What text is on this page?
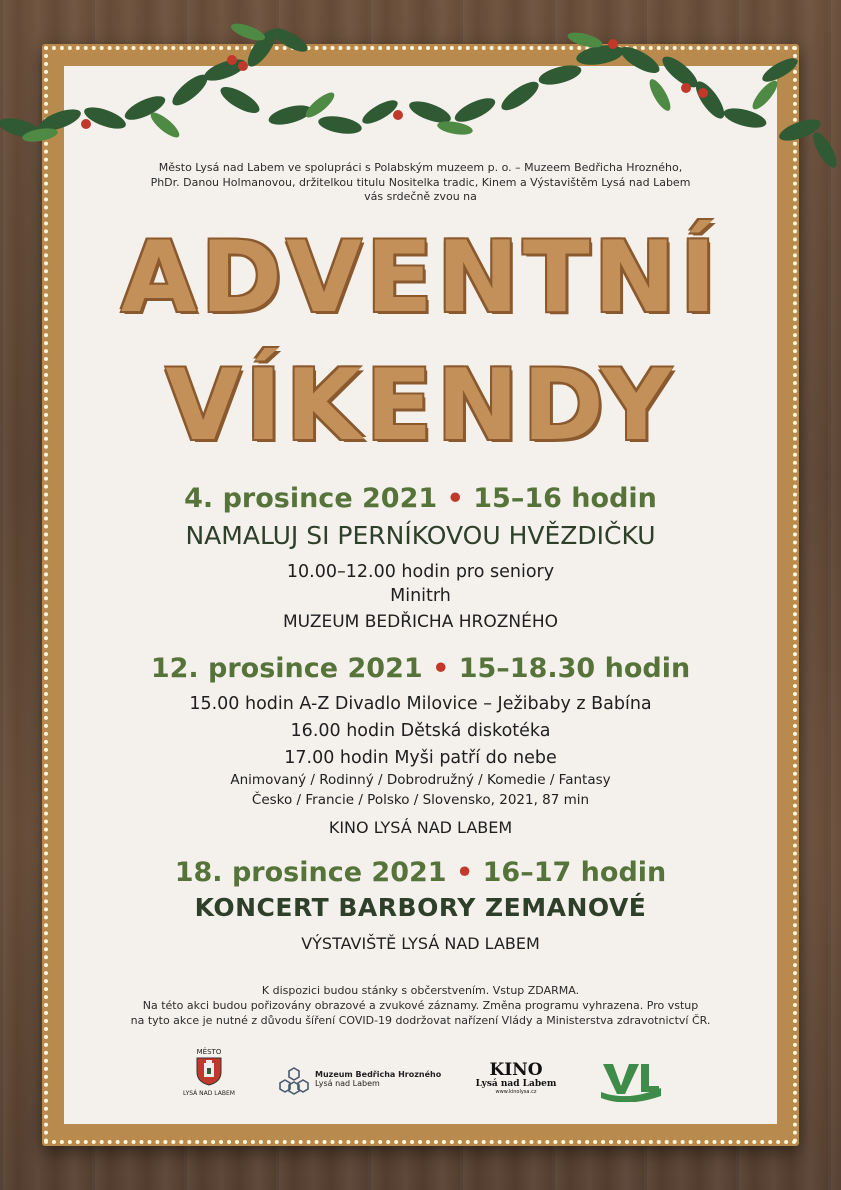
Město Lysá nad Labem ve spolupráci s Polabským muzeem p. o. – Muzeem Bedřicha Hrozného,
PhDr. Danou Holmanovou, držitelkou titulu Nositelka tradic, Kinem a Výstavištěm Lysá nad Labem
vás srdečně zvou na
ADVENTNÍ
VÍKENDY
4. prosince 2021 • 15–16 hodin
NAMALUJ SI PERNÍKOVOU HVĚZDIČKU
10.00–12.00 hodin pro seniory
Minitrh
MUZEUM BEDŘICHA HROZNÉHO
12. prosince 2021 • 15–18.30 hodin
15.00 hodin A-Z Divadlo Milovice – Ježibaby z Babína
16.00 hodin Dětská diskotéka
17.00 hodin Myši patří do nebe
Animovaný / Rodinný / Dobrodružný / Komedie / Fantasy
Česko / Francie / Polsko / Slovensko, 2021, 87 min
KINO LYSÁ NAD LABEM
18. prosince 2021 • 16–17 hodin
KONCERT BARBORY ZEMANOVÉ
VÝSTAVIŠTĚ LYSÁ NAD LABEM
K dispozici budou stánky s občerstvením. Vstup ZDARMA.
Na této akci budou pořizovány obrazové a zvukové záznamy. Změna programu vyhrazena. Pro vstup
na tyto akce je nutné z důvodu šíření COVID-19 dodržovat nařízení Vlády a Ministerstva zdravotnictví ČR.
MĚSTO
LYSÁ NAD LABEM
Muzeum Bedřicha Hrozného
Lysá nad Labem
KINO
Lysá nad Labem
www.kinolysa.cz
